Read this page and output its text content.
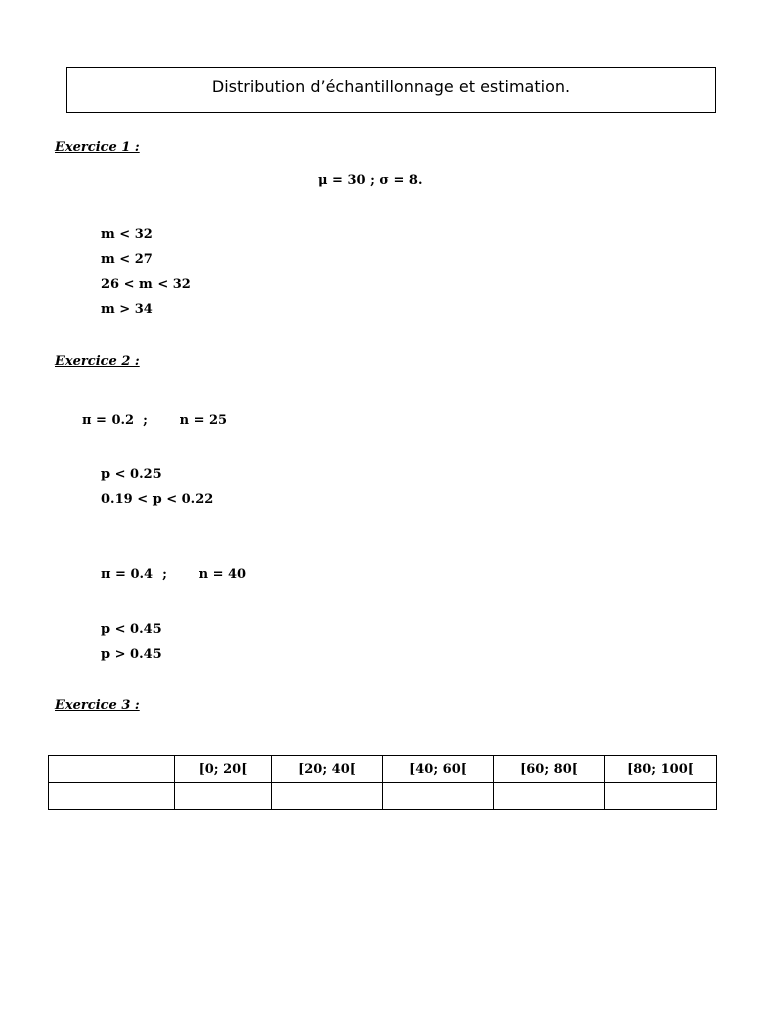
Distribution d’échantillonnage et estimation.
Exercice 1 :
μ = 30 ; σ = 8.
m < 32
m < 27
26 < m < 32
m > 34
Exercice 2 :
π = 0.2  ;       n = 25
p < 0.25
0.19 < p < 0.22
π = 0.4  ;       n = 40
p < 0.45
p > 0.45
Exercice 3 :
	[0; 20[	[20; 40[	[40; 60[	[60; 80[	[80; 100[
